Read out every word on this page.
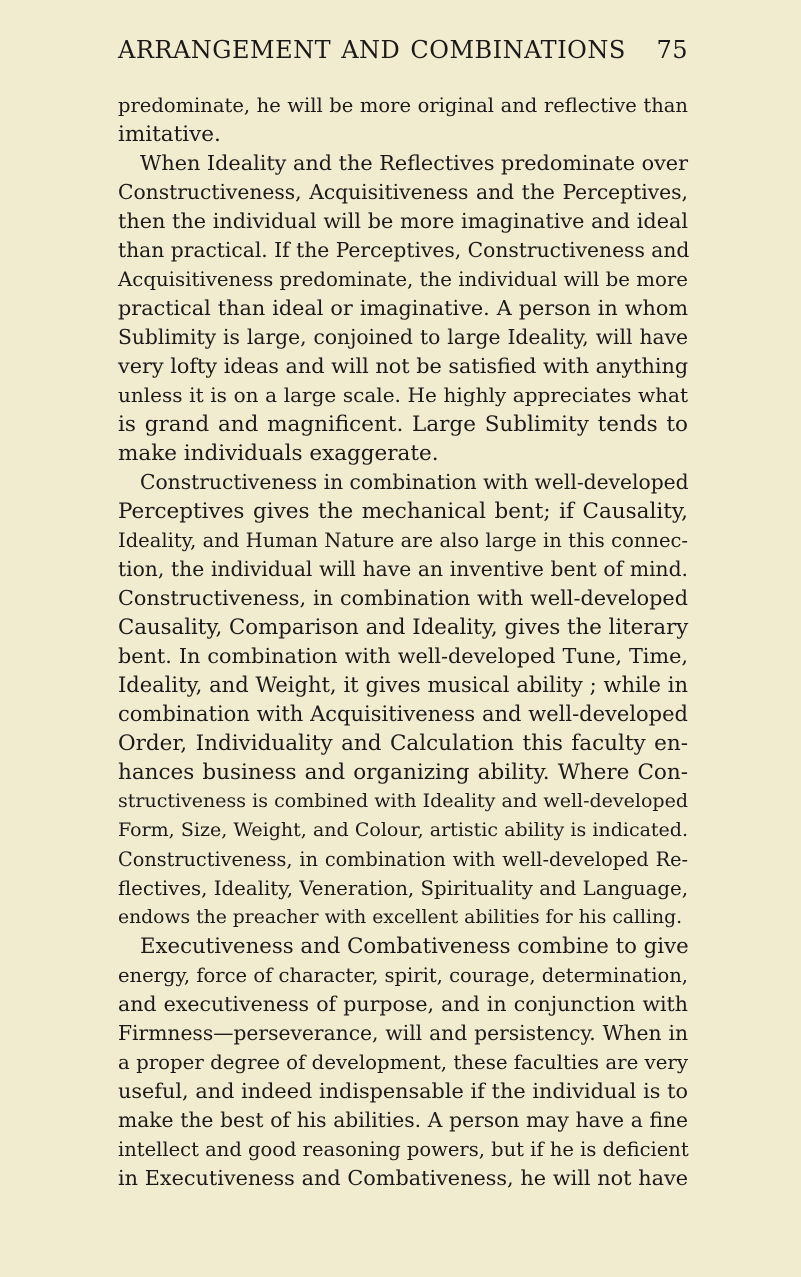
ARRANGEMENT AND COMBINATIONS 75
predominate, he will be more original and reflective than
imitative.
When Ideality and the Reflectives predominate over
Constructiveness, Acquisitiveness and the Perceptives,
then the individual will be more imaginative and ideal
than practical. If the Perceptives, Constructiveness and
Acquisitiveness predominate, the individual will be more
practical than ideal or imaginative. A person in whom
Sublimity is large, conjoined to large Ideality, will have
very lofty ideas and will not be satisfied with anything
unless it is on a large scale. He highly appreciates what
is grand and magnificent. Large Sublimity tends to
make individuals exaggerate.
Constructiveness in combination with well-developed
Perceptives gives the mechanical bent; if Causality,
Ideality, and Human Nature are also large in this connec-
tion, the individual will have an inventive bent of mind.
Constructiveness, in combination with well-developed
Causality, Comparison and Ideality, gives the literary
bent. In combination with well-developed Tune, Time,
Ideality, and Weight, it gives musical ability ; while in
combination with Acquisitiveness and well-developed
Order, Individuality and Calculation this faculty en-
hances business and organizing ability. Where Con-
structiveness is combined with Ideality and well-developed
Form, Size, Weight, and Colour, artistic ability is indicated.
Constructiveness, in combination with well-developed Re-
flectives, Ideality, Veneration, Spirituality and Language,
endows the preacher with excellent abilities for his calling.
Executiveness and Combativeness combine to give
energy, force of character, spirit, courage, determination,
and executiveness of purpose, and in conjunction with
Firmness—perseverance, will and persistency. When in
a proper degree of development, these faculties are very
useful, and indeed indispensable if the individual is to
make the best of his abilities. A person may have a fine
intellect and good reasoning powers, but if he is deficient
in Executiveness and Combativeness, he will not have
